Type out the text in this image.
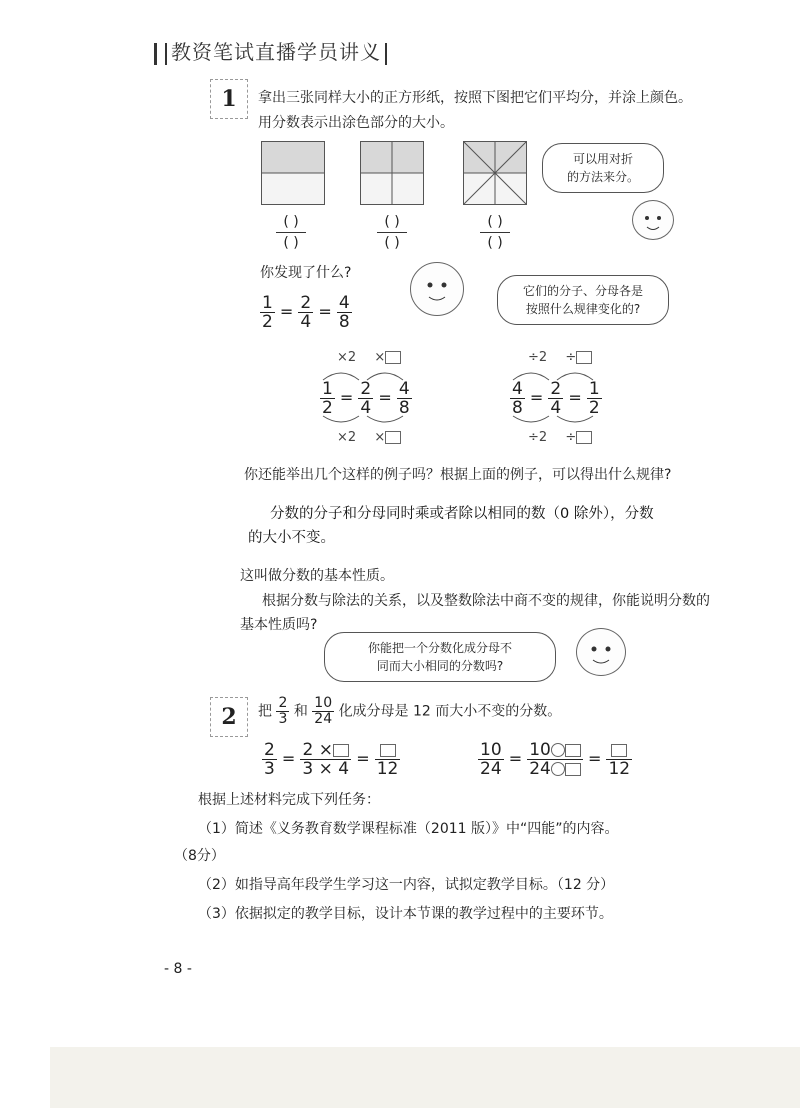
教资笔试直播学员讲义
1	拿出三张同样大小的正方形纸，按照下图把它们平均分，并涂上颜色。
用分数表示出涂色部分的大小。
( )
( )
( )
( )
( )
( )
可以用对折
的方法来分。
你发现了什么?
$\frac{1}{2} = \frac{2}{4} = \frac{4}{8}$
它们的分子、分母各是
按照什么规律变化的?
×2 ×
$\frac{1}{2} = \frac{2}{4} = \frac{4}{8}$
×2 ×
÷2 ÷
$\frac{4}{8} = \frac{2}{4} = \frac{1}{2}$
÷2 ÷
你还能举出几个这样的例子吗？根据上面的例子，可以得出什么规律?
分数的分子和分母同时乘或者除以相同的数（0 除外），分数
的大小不变。
这叫做分数的基本性质。
根据分数与除法的关系，以及整数除法中商不变的规律，你能说明分数的
基本性质吗?
你能把一个分数化成分母不
同而大小相同的分数吗?
2	把 $\frac{2}{3}$ 和 $\frac{10}{24}$ 化成分母是 12 而大小不变的分数。
$\frac{2}{3} = \frac{2 \times}{3 \times 4}$ =
12	$\frac{10}{24} = \frac{10}{24}$ =
12
根据上述材料完成下列任务：
（1）简述《义务教育数学课程标准（2011 版）》中“四能”的内容。
（8分）
（2）如指导高年段学生学习这一内容，试拟定教学目标。（12 分）
（3）依据拟定的教学目标，设计本节课的教学过程中的主要环节。
- 8 -
